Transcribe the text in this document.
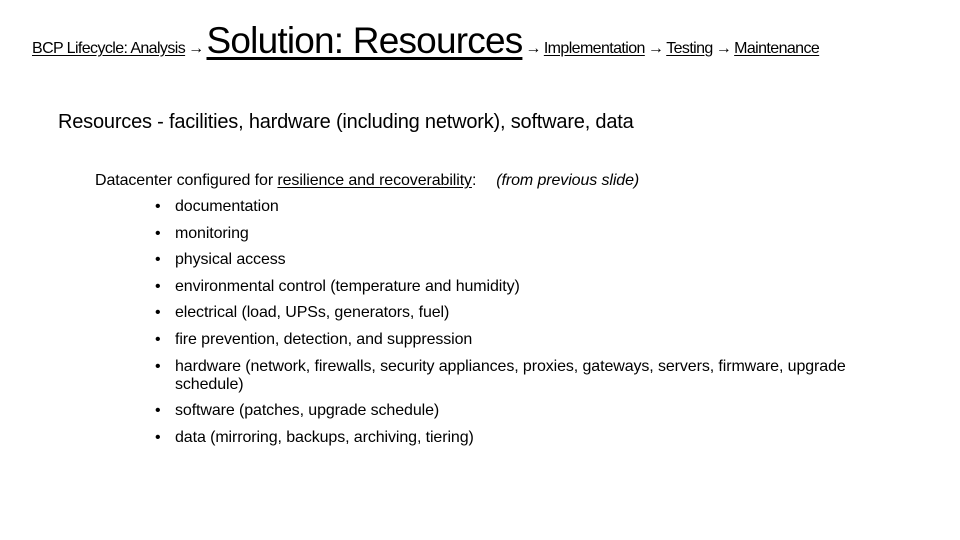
BCP Lifecycle: Analysis → Solution: Resources → Implementation → Testing → Maintenance
Resources - facilities, hardware (including network), software, data
Datacenter configured for resilience and recoverability: (from previous slide)
• documentation
• monitoring
• physical access
• environmental control (temperature and humidity)
• electrical (load, UPSs, generators, fuel)
• fire prevention, detection, and suppression
• hardware (network, firewalls, security appliances, proxies, gateways, servers, firmware, upgrade schedule)
• software (patches, upgrade schedule)
• data (mirroring, backups, archiving, tiering)
